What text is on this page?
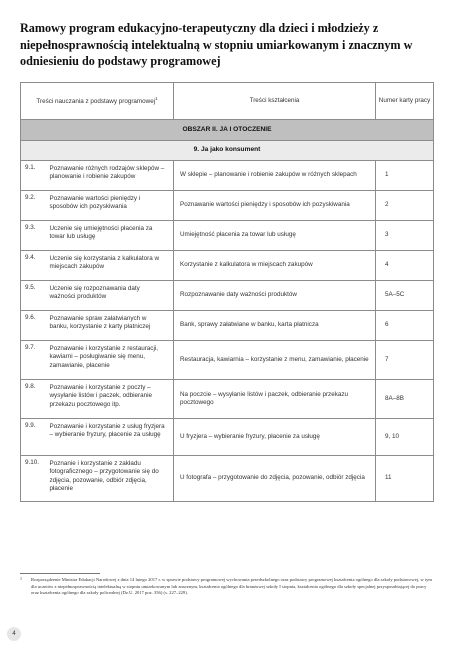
Ramowy program edukacyjno-terapeutyczny dla dzieci i młodzieży z niepełnosprawnością intelektualną w stopniu umiarkowanym i znacznym w odniesieniu do podstawy programowej
Treści nauczania z podstawy programowej$^1$		Treści kształcenia	Numer karty pracy
OBSZAR II. JA I OTOCZENIE			
9. Ja jako konsument			
9.1.	Poznawanie różnych rodzajów sklepów – planowanie i robienie zakupów	W sklepie – planowanie i robienie zakupów w różnych sklepach	1
9.2.	Poznawanie wartości pieniędzy i sposobów ich pozyskiwania	Poznawanie wartości pieniędzy i sposobów ich pozyskiwania	2
9.3.	Uczenie się umiejętności płacenia za towar lub usługę	Umiejętność płacenia za towar lub usługę	3
9.4.	Uczenie się korzystania z kalkulatora w miejscach zakupów	Korzystanie z kalkulatora w miejscach zakupów	4
9.5.	Uczenie się rozpoznawania daty ważności produktów	Rozpoznawanie daty ważności produktów	5A–5C
9.6.	Poznawanie spraw załatwianych w banku, korzystanie z karty płatniczej	Bank, sprawy załatwiane w banku, karta płatnicza	6
9.7.	Poznawanie i korzystanie z restauracji, kawiarni – posługiwanie się menu, zamawianie, płacenie	Restauracja, kawiarnia – korzystanie z menu, zamawianie, płacenie	7
9.8.	Poznawanie i korzystanie z poczty – wysyłanie listów i paczek, odbieranie przekazu pocztowego itp.	Na poczcie – wysyłanie listów i paczek, odbieranie przekazu pocztowego	8A–8B
9.9.	Poznawanie i korzystanie z usług fryzjera – wybieranie fryzury, płacenie za usługę	U fryzjera – wybieranie fryzury, płacenie za usługę	9, 10
9.10.	Poznanie i korzystanie z zakładu fotograficznego – przygotowanie się do zdjęcia, pozowanie, odbiór zdjęcia, płacenie	U fotografa – przygotowanie do zdjęcia, pozowanie, odbiór zdjęcia	11
1	Rozporządzenie Ministra Edukacji Narodowej z dnia 14 lutego 2017 r. w sprawie podstawy programowej wychowania przedszkolnego oraz podstawy programowej kształcenia ogólnego dla szkoły podstawowej, w tym dla uczniów z niepełnosprawnością intelektualną w stopniu umiarkowanym lub znacznym, kształcenia ogólnego dla branżowej szkoły I stopnia, kształcenia ogólnego dla szkoły specjalnej przysposabiającej do pracy oraz kształcenia ogólnego dla szkoły policealnej (Dz.U. 2017 poz. 356) (s. 227–229).
4
